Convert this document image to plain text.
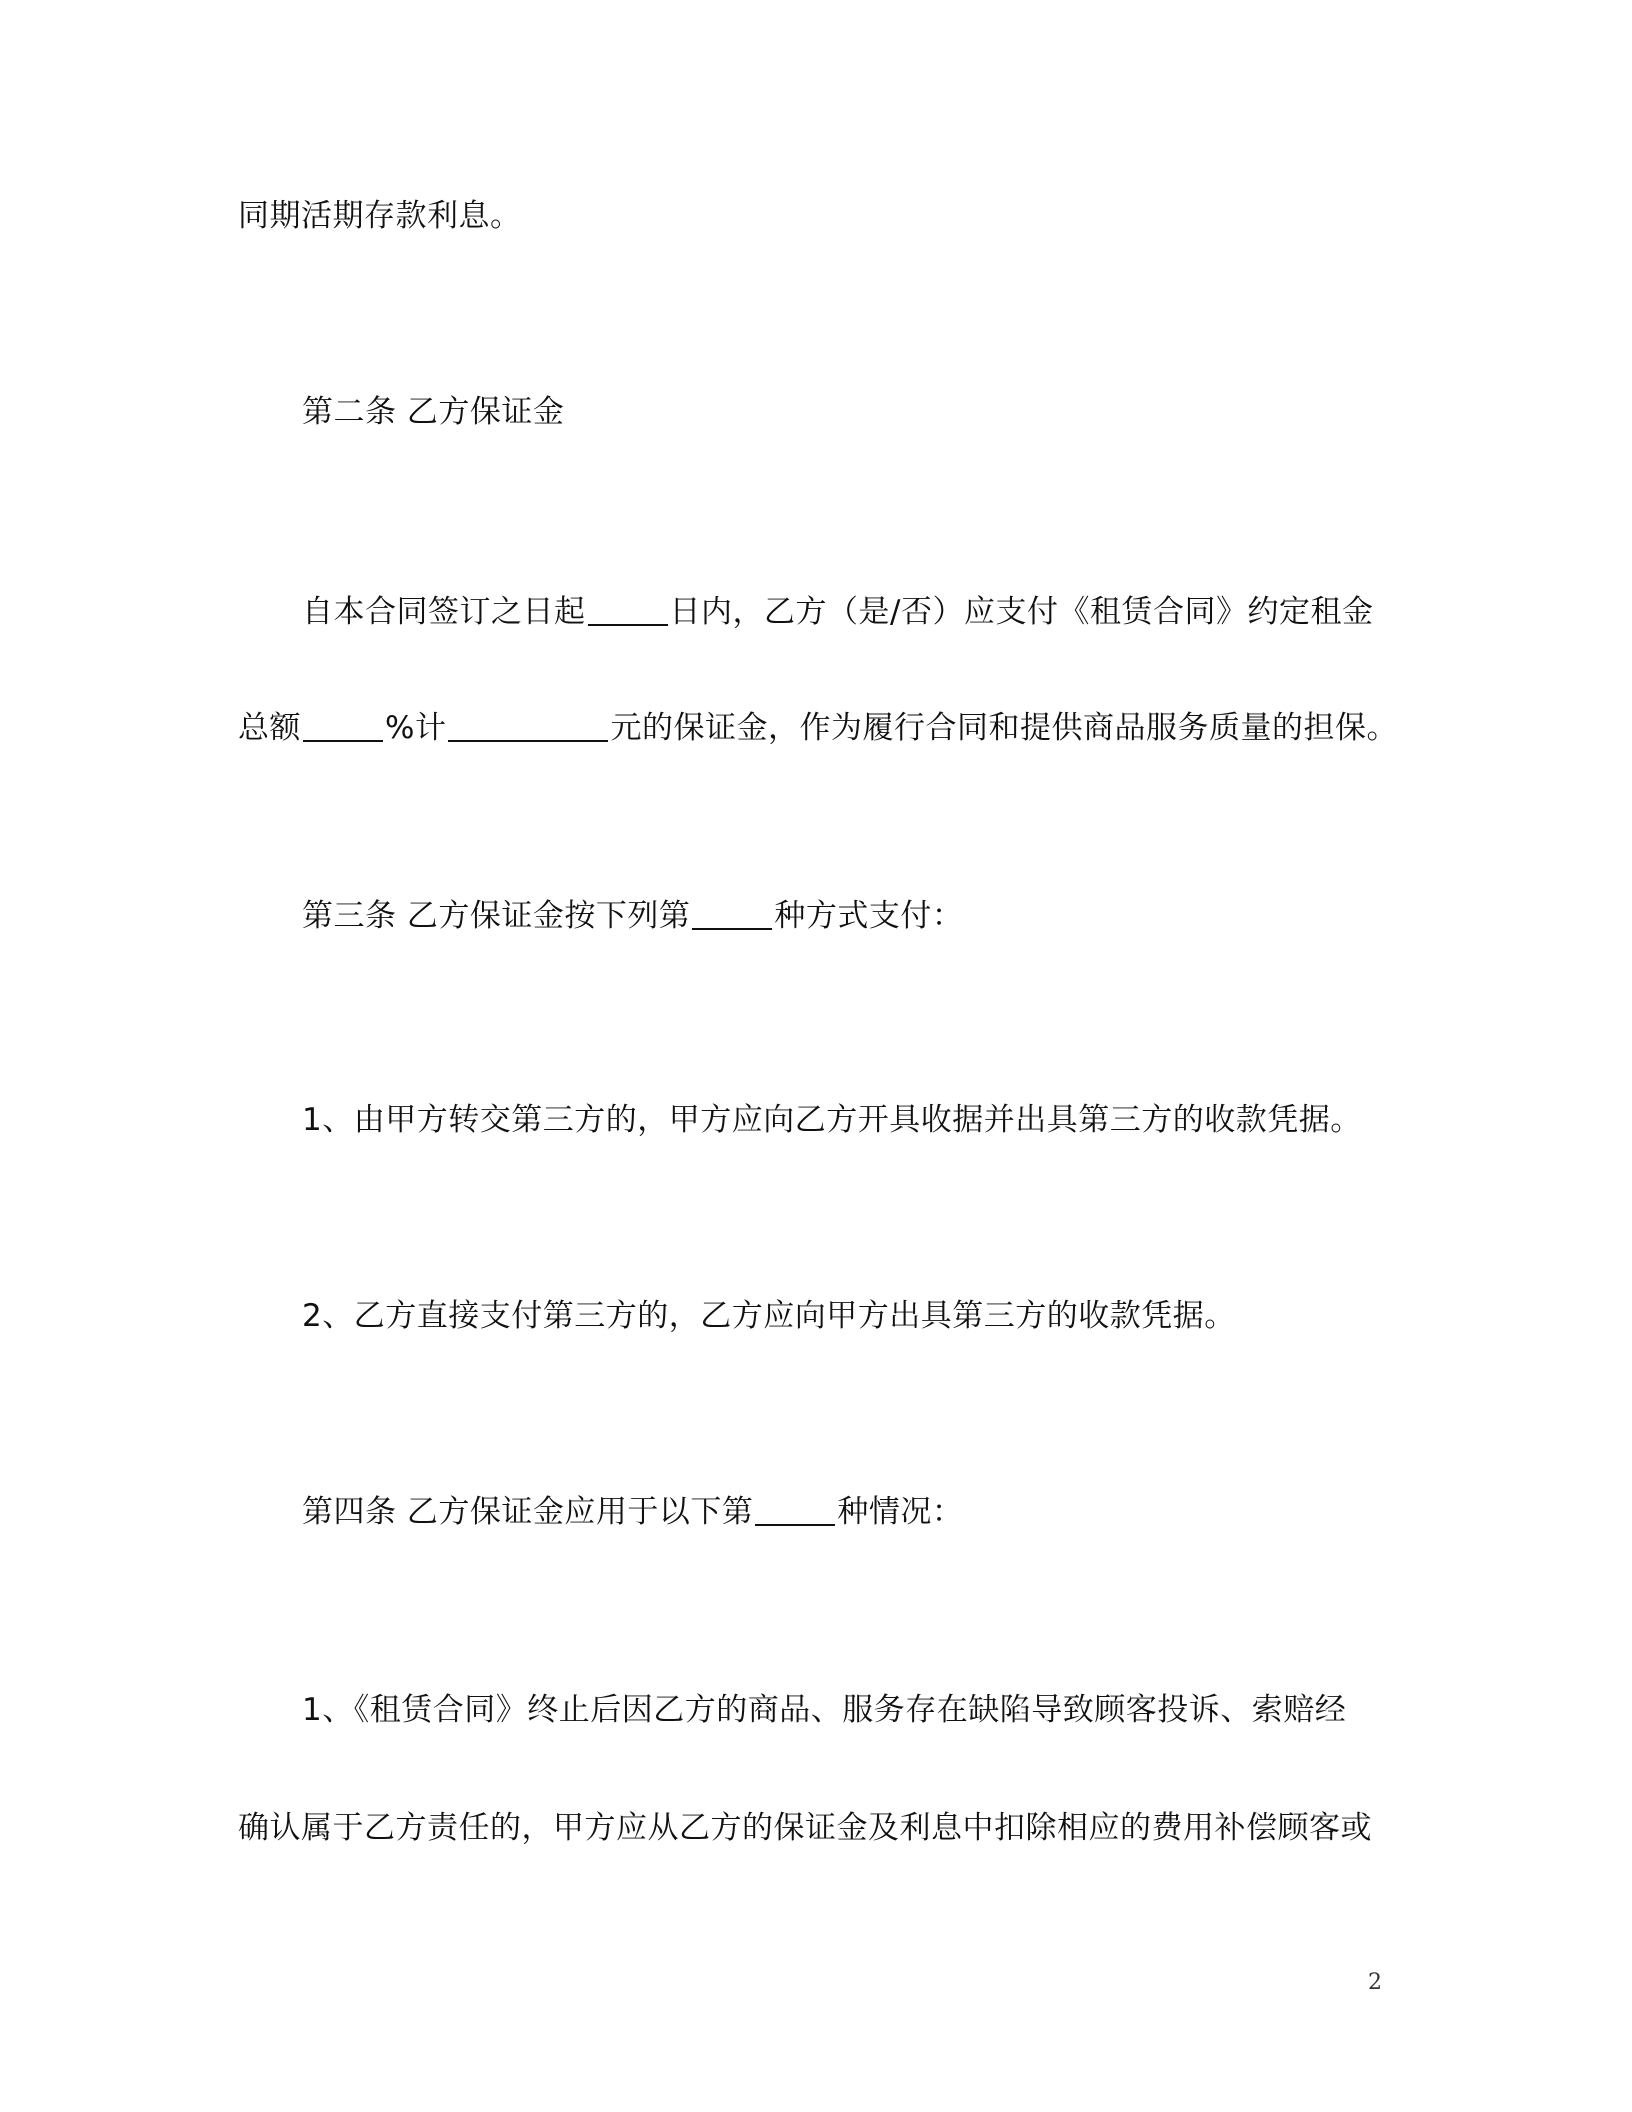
同期活期存款利息。
第二条 乙方保证金
自本合同签订之日起	日内，乙方（是/否）应支付《租赁合同》约定租金
总额	%计	元的保证金，作为履行合同和提供商品服务质量的担保。
第三条 乙方保证金按下列第	种方式支付：
1、由甲方转交第三方的，甲方应向乙方开具收据并出具第三方的收款凭据。
2、乙方直接支付第三方的，乙方应向甲方出具第三方的收款凭据。
第四条 乙方保证金应用于以下第	种情况：
1、《租赁合同》终止后因乙方的商品、服务存在缺陷导致顾客投诉、索赔经
确认属于乙方责任的，甲方应从乙方的保证金及利息中扣除相应的费用补偿顾客或
2
